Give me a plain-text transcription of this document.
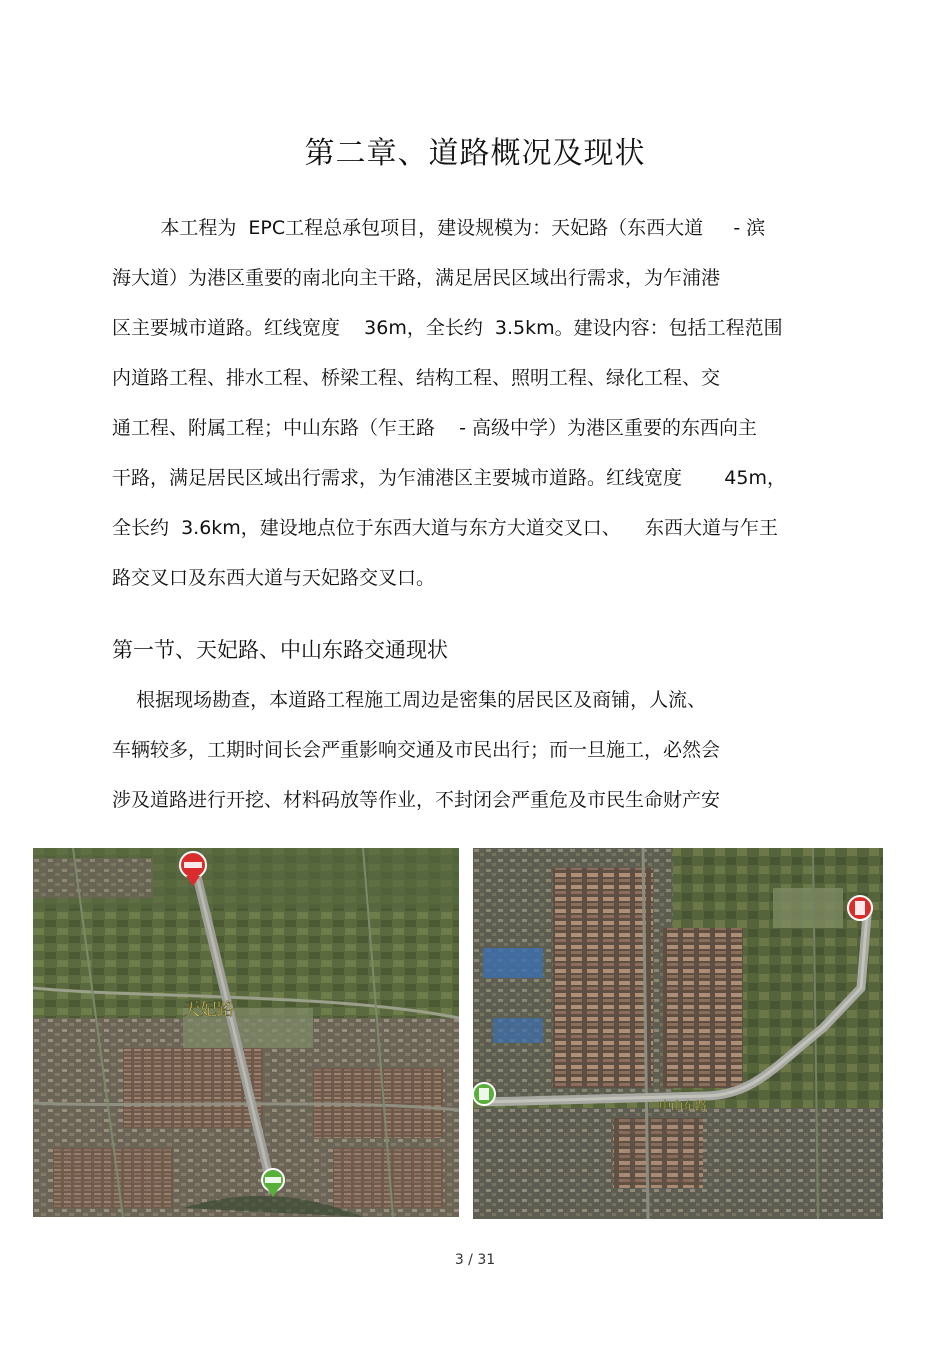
第二章、道路概况及现状
本工程为  EPC工程总承包项目，建设规模为：天妃路（东西大道     - 滨
海大道）为港区重要的南北向主干路，满足居民区域出行需求，为乍浦港
区主要城市道路。红线宽度    36m，全长约  3.5km。建设内容：包括工程范围
内道路工程、排水工程、桥梁工程、结构工程、照明工程、绿化工程、交
通工程、附属工程；中山东路（乍王路    - 高级中学）为港区重要的东西向主
干路，满足居民区域出行需求，为乍浦港区主要城市道路。红线宽度       45m，
全长约  3.6km，建设地点位于东西大道与东方大道交叉口、    东西大道与乍王
路交叉口及东西大道与天妃路交叉口。
第一节、天妃路、中山东路交通现状
根据现场勘查，本道路工程施工周边是密集的居民区及商铺，人流、
车辆较多，工期时间长会严重影响交通及市民出行；而一旦施工，必然会
涉及道路进行开挖、材料码放等作业，不封闭会严重危及市民生命财产安
天妃路
中山东路
3 / 31
